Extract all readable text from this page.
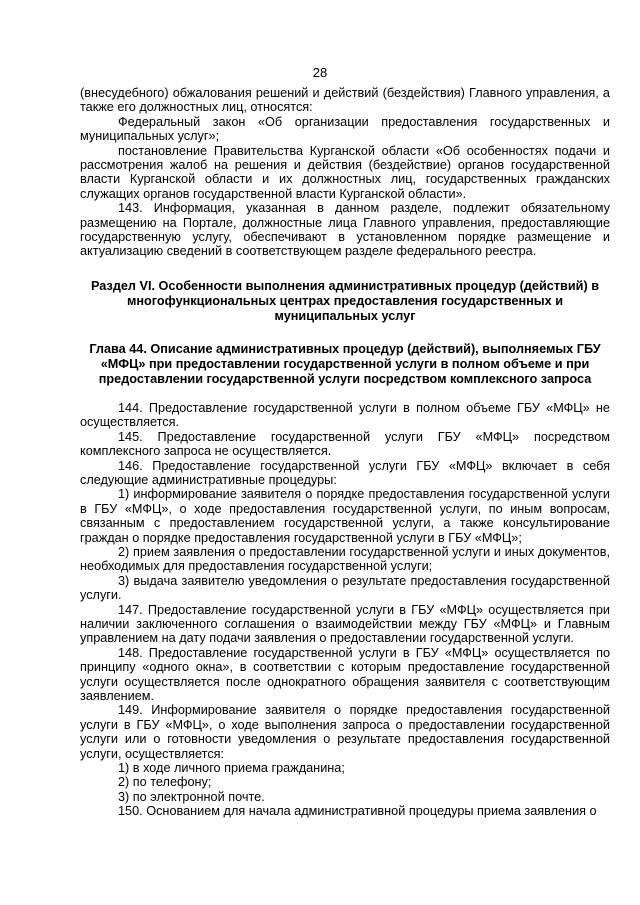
28

(внесудебного) обжалования решений и действий (бездействия) Главного управления, а также его должностных лиц, относятся:

Федеральный закон «Об организации предоставления государственных и муниципальных услуг»;

постановление Правительства Курганской области «Об особенностях подачи и рассмотрения жалоб на решения и действия (бездействие) органов государственной власти Курганской области и их должностных лиц, государственных гражданских служащих органов государственной власти Курганской области».

143. Информация, указанная в данном разделе, подлежит обязательному размещению на Портале, должностные лица Главного управления, предоставляющие государственную услугу, обеспечивают в установленном порядке размещение и актуализацию сведений в соответствующем разделе федерального реестра.

Раздел VI. Особенности выполнения административных процедур (действий) в многофункциональных центрах предоставления государственных и муниципальных услуг

Глава 44. Описание административных процедур (действий), выполняемых ГБУ «МФЦ» при предоставлении государственной услуги в полном объеме и при предоставлении государственной услуги посредством комплексного запроса

144. Предоставление государственной услуги в полном объеме ГБУ «МФЦ» не осуществляется.

145. Предоставление государственной услуги ГБУ «МФЦ» посредством комплексного запроса не осуществляется.

146. Предоставление государственной услуги ГБУ «МФЦ» включает в себя следующие административные процедуры:

1) информирование заявителя о порядке предоставления государственной услуги в ГБУ «МФЦ», о ходе предоставления государственной услуги, по иным вопросам, связанным с предоставлением государственной услуги, а также консультирование граждан о порядке предоставления государственной услуги в ГБУ «МФЦ»;

2) прием заявления о предоставлении государственной услуги и иных документов, необходимых для предоставления государственной услуги;

3) выдача заявителю уведомления о результате предоставления государственной услуги.

147. Предоставление государственной услуги в ГБУ «МФЦ» осуществляется при наличии заключенного соглашения о взаимодействии между ГБУ «МФЦ» и Главным управлением на дату подачи заявления о предоставлении государственной услуги.

148. Предоставление государственной услуги в ГБУ «МФЦ» осуществляется по принципу «одного окна», в соответствии с которым предоставление государственной услуги осуществляется после однократного обращения заявителя с соответствующим заявлением.

149. Информирование заявителя о порядке предоставления государственной услуги в ГБУ «МФЦ», о ходе выполнения запроса о предоставлении государственной услуги или о готовности уведомления о результате предоставления государственной услуги, осуществляется:

1) в ходе личного приема гражданина;

2) по телефону;

3) по электронной почте.

150. Основанием для начала административной процедуры приема заявления о
